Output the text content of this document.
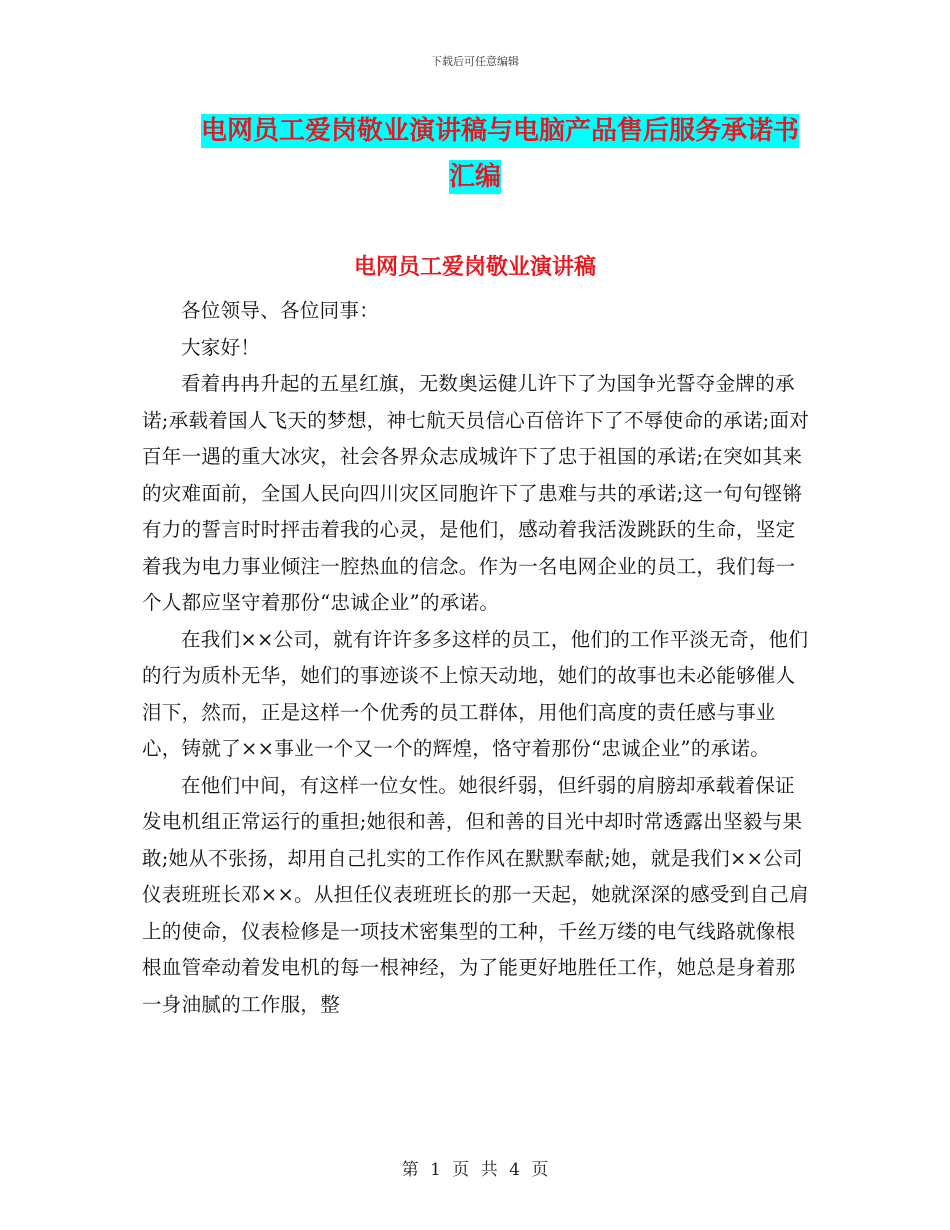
下载后可任意编辑
电网员工爱岗敬业演讲稿与电脑产品售后服务承诺书
汇编
电网员工爱岗敬业演讲稿

各位领导、各位同事：

大家好！

看着冉冉升起的五星红旗，无数奥运健儿许下了为国争光誓夺金牌的承诺;承载着国人飞天的梦想，神七航天员信心百倍许下了不辱使命的承诺;面对百年一遇的重大冰灾，社会各界众志成城许下了忠于祖国的承诺;在突如其来的灾难面前，全国人民向四川灾区同胞许下了患难与共的承诺;这一句句铿锵有力的誓言时时抨击着我的心灵，是他们，感动着我活泼跳跃的生命，坚定着我为电力事业倾注一腔热血的信念。作为一名电网企业的员工，我们每一个人都应坚守着那份“忠诚企业”的承诺。

在我们××公司，就有许许多多这样的员工，他们的工作平淡无奇，他们的行为质朴无华，她们的事迹谈不上惊天动地，她们的故事也未必能够催人泪下，然而，正是这样一个优秀的员工群体，用他们高度的责任感与事业心，铸就了××事业一个又一个的辉煌，恪守着那份“忠诚企业”的承诺。

在他们中间，有这样一位女性。她很纤弱，但纤弱的肩膀却承载着保证发电机组正常运行的重担;她很和善，但和善的目光中却时常透露出坚毅与果敢;她从不张扬，却用自己扎实的工作作风在默默奉献;她，就是我们××公司仪表班班长邓××。从担任仪表班班长的那一天起，她就深深的感受到自己肩上的使命，仪表检修是一项技术密集型的工种，千丝万缕的电气线路就像根根血管牵动着发电机的每一根神经，为了能更好地胜任工作，她总是身着那一身油腻的工作服，整

第 1 页 共 4 页
